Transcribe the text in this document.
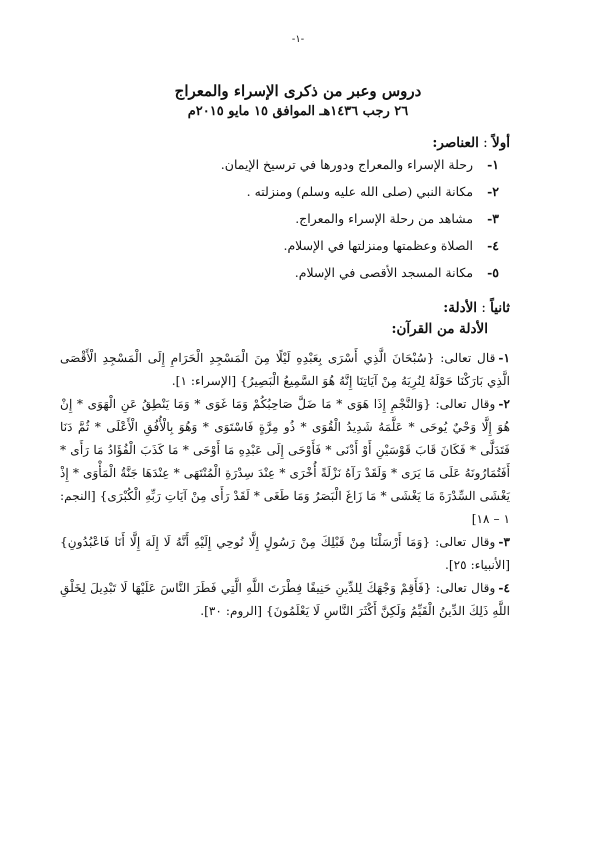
-١-
دروس وعبر من ذكرى الإسراء والمعراج
٢٦ رجب ١٤٣٦هـ الموافق ١٥ مايو ٢٠١٥م
أولاً : العناصر:
١- رحلة الإسراء والمعراج ودورها في ترسيخ الإيمان.
٢- مكانة النبي (صلى الله عليه وسلم) ومنزلته .
٣- مشاهد من رحلة الإسراء والمعراج.
٤- الصلاة وعظمتها ومنزلتها في الإسلام.
٥- مكانة المسجد الأقصى في الإسلام.
ثانياً : الأدلة:
الأدلة من القرآن:
١-قال تعالى: {سُبْحَانَ الَّذِي أَسْرَى بِعَبْدِهِ لَيْلًا مِنَ الْمَسْجِدِ الْحَرَامِ إِلَى الْمَسْجِدِ الْأَقْصَى الَّذِي بَارَكْنَا حَوْلَهُ لِنُرِيَهُ مِنْ آيَاتِنَا إِنَّهُ هُوَ السَّمِيعُ الْبَصِيرُ} [الإسراء: ١].
٢-وقال تعالى: {وَالنَّجْمِ إِذَا هَوَى * مَا ضَلَّ صَاحِبُكُمْ وَمَا غَوَى * وَمَا يَنْطِقُ عَنِ الْهَوَى * إِنْ هُوَ إِلَّا وَحْيٌ يُوحَى * عَلَّمَهُ شَدِيدُ الْقُوَى * ذُو مِرَّةٍ فَاسْتَوَى * وَهُوَ بِالْأُفُقِ الْأَعْلَى * ثُمَّ دَنَا فَتَدَلَّى * فَكَانَ قَابَ قَوْسَيْنِ أَوْ أَدْنَى * فَأَوْحَى إِلَى عَبْدِهِ مَا أَوْحَى * مَا كَذَبَ الْفُؤَادُ مَا رَأَى * أَفَتُمَارُونَهُ عَلَى مَا يَرَى * وَلَقَدْ رَآهُ نَزْلَةً أُخْرَى * عِنْدَ سِدْرَةِ الْمُنْتَهَى * عِنْدَهَا جَنَّةُ الْمَأْوَى * إِذْ يَغْشَى السِّدْرَةَ مَا يَغْشَى * مَا زَاغَ الْبَصَرُ وَمَا طَغَى * لَقَدْ رَأَى مِنْ آيَاتِ رَبِّهِ الْكُبْرَى} [النجم: ١ – ١٨]
٣-وقال تعالى: {وَمَا أَرْسَلْنَا مِنْ قَبْلِكَ مِنْ رَسُولٍ إِلَّا نُوحِي إِلَيْهِ أَنَّهُ لَا إِلَهَ إِلَّا أَنَا فَاعْبُدُونِ} [الأنبياء: ٢٥].
٤-وقال تعالى: {فَأَقِمْ وَجْهَكَ لِلدِّينِ حَنِيفًا فِطْرَتَ اللَّهِ الَّتِي فَطَرَ النَّاسَ عَلَيْهَا لَا تَبْدِيلَ لِخَلْقِ اللَّهِ ذَلِكَ الدِّينُ الْقَيِّمُ وَلَكِنَّ أَكْثَرَ النَّاسِ لَا يَعْلَمُونَ} [الروم: ٣٠].
